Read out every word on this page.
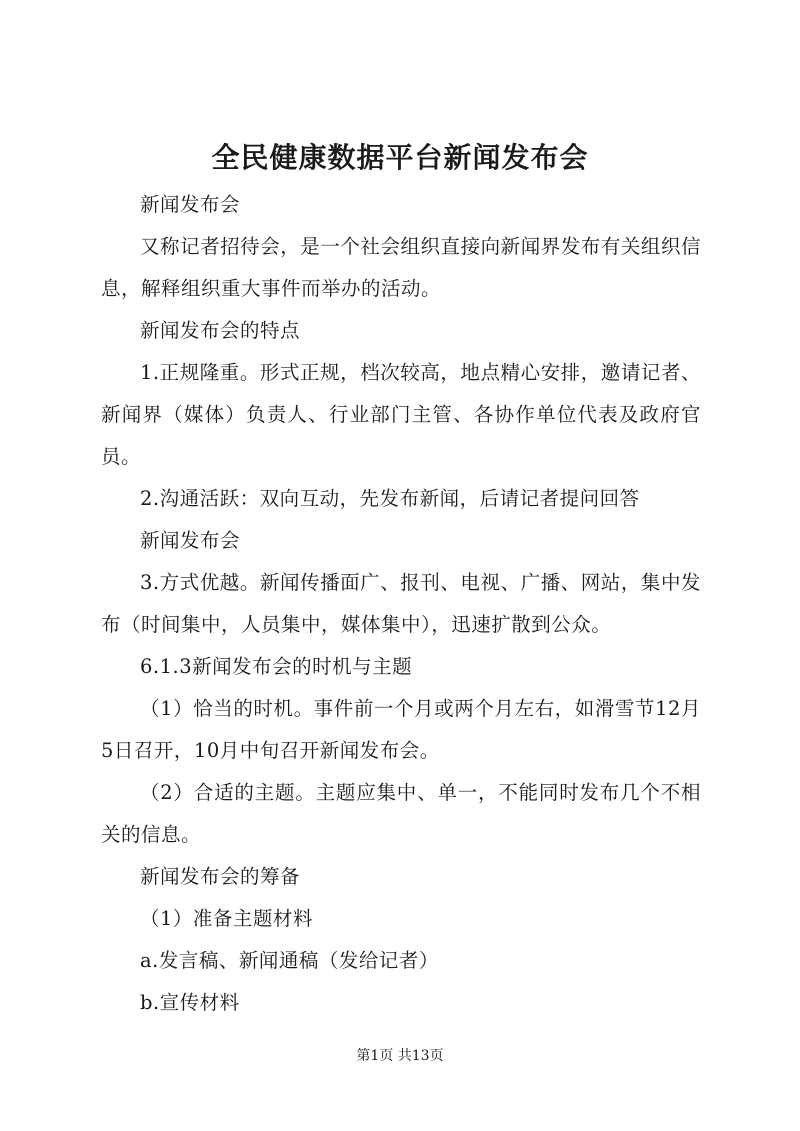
全民健康数据平台新闻发布会

新闻发布会

又称记者招待会，是一个社会组织直接向新闻界发布有关组织信息，解释组织重大事件而举办的活动。

新闻发布会的特点

1.正规隆重。形式正规，档次较高，地点精心安排，邀请记者、新闻界（媒体）负责人、行业部门主管、各协作单位代表及政府官员。

2.沟通活跃：双向互动，先发布新闻，后请记者提问回答

新闻发布会

3.方式优越。新闻传播面广、报刊、电视、广播、网站，集中发布（时间集中，人员集中，媒体集中），迅速扩散到公众。

6.1.3新闻发布会的时机与主题

（1）恰当的时机。事件前一个月或两个月左右，如滑雪节12月5日召开，10月中旬召开新闻发布会。

（2）合适的主题。主题应集中、单一，不能同时发布几个不相关的信息。

新闻发布会的筹备

（1）准备主题材料

a.发言稿、新闻通稿（发给记者）

b.宣传材料

第1页 共13页
